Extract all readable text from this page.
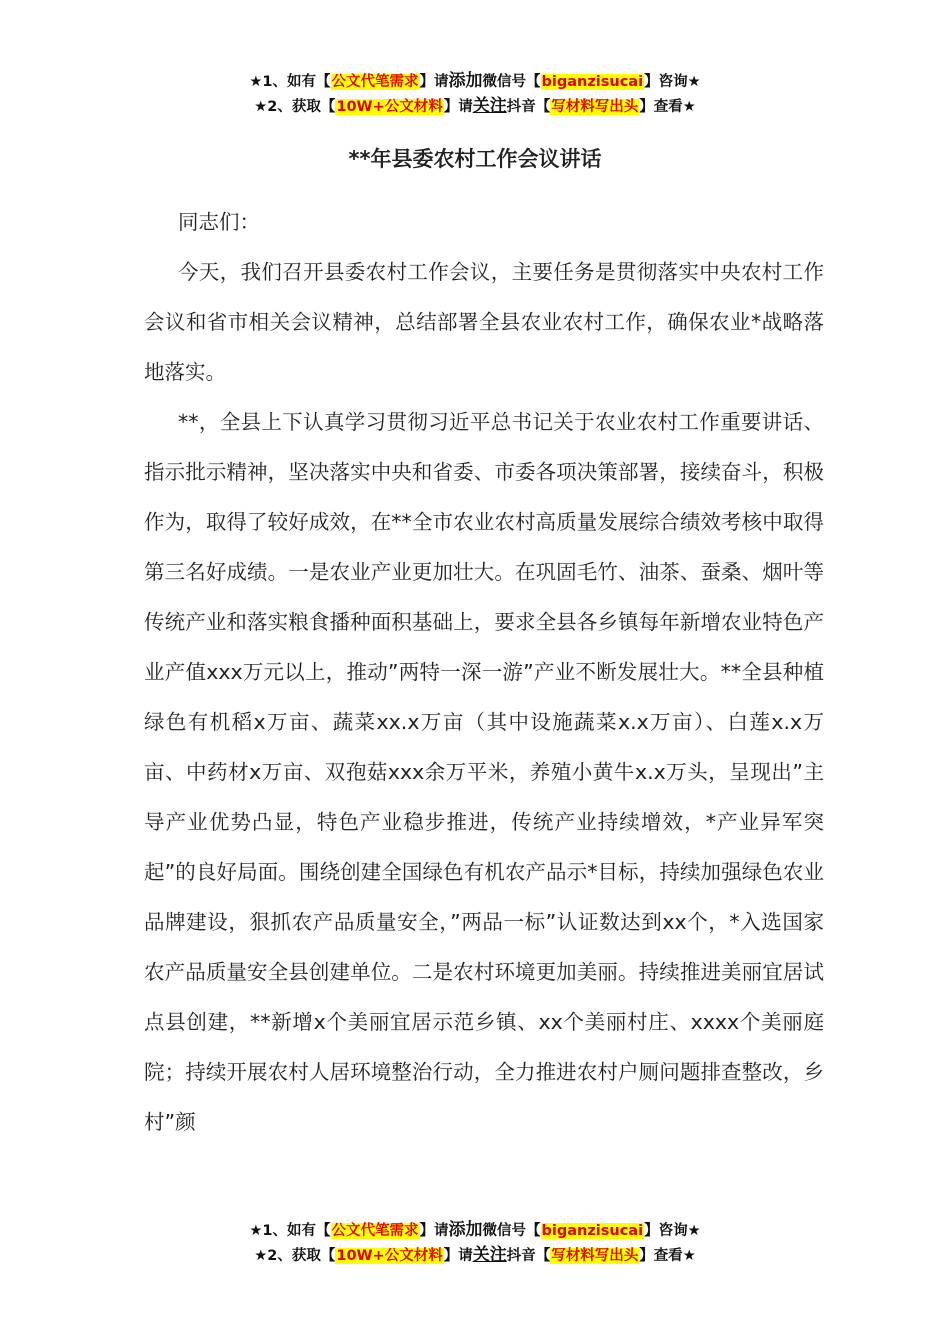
★1、如有【公文代笔需求】请添加微信号【biganzisucai】咨询★
★2、获取【10W+公文材料】请关注抖音【写材料写出头】查看★
**年县委农村工作会议讲话

同志们：

今天，我们召开县委农村工作会议，主要任务是贯彻落实中央农村工作会议和省市相关会议精神，总结部署全县农业农村工作，确保农业*战略落地落实。

**，全县上下认真学习贯彻习近平总书记关于农业农村工作重要讲话、指示批示精神，坚决落实中央和省委、市委各项决策部署，接续奋斗，积极作为，取得了较好成效，在**全市农业农村高质量发展综合绩效考核中取得第三名好成绩。一是农业产业更加壮大。在巩固毛竹、油茶、蚕桑、烟叶等传统产业和落实粮食播种面积基础上，要求全县各乡镇每年新增农业特色产业产值xxx万元以上，推动”两特一深一游”产业不断发展壮大。**全县种植绿色有机稻x万亩、蔬菜xx.x万亩（其中设施蔬菜x.x万亩）、白莲x.x万亩、中药材x万亩、双孢菇xxx余万平米，养殖小黄牛x.x万头，呈现出”主导产业优势凸显，特色产业稳步推进，传统产业持续增效，*产业异军突起”的良好局面。围绕创建全国绿色有机农产品示*目标，持续加强绿色农业品牌建设，狠抓农产品质量安全，”两品一标”认证数达到xx个，*入选国家农产品质量安全县创建单位。二是农村环境更加美丽。持续推进美丽宜居试点县创建，**新增x个美丽宜居示范乡镇、xx个美丽村庄、xxxx个美丽庭院；持续开展农村人居环境整治行动，全力推进农村户厕问题排查整改，乡村”颜

★1、如有【公文代笔需求】请添加微信号【biganzisucai】咨询★
★2、获取【10W+公文材料】请关注抖音【写材料写出头】查看★
